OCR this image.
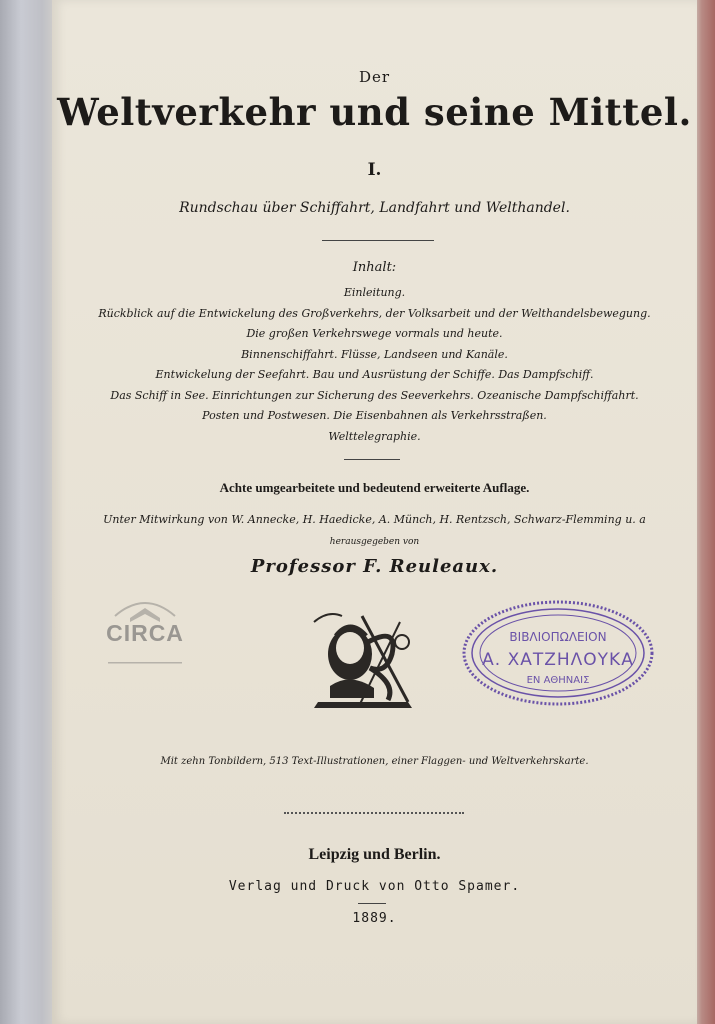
Der
Weltverkehr und seine Mittel.
I.
Rundschau über Schiffahrt, Landfahrt und Welthandel.
Inhalt:
Einleitung.
Rückblick auf die Entwickelung des Großverkehrs, der Volksarbeit und der Welthandelsbewegung.
Die großen Verkehrswege vormals und heute.
Binnenschiffahrt. Flüsse, Landseen und Kanäle.
Entwickelung der Seefahrt. Bau und Ausrüstung der Schiffe. Das Dampfschiff.
Das Schiff in See. Einrichtungen zur Sicherung des Seeverkehrs. Ozeanische Dampfschiffahrt.
Posten und Postwesen. Die Eisenbahnen als Verkehrsstraßen.
Welttelegraphie.
Achte umgearbeitete und bedeutend erweiterte Auflage.
Unter Mitwirkung von W. Annecke, H. Haedicke, A. Münch, H. Rentzsch, Schwarz-Flemming u. a
herausgegeben von
Professor F. Reuleaux.
CIRCA	ΒΙΒΛΙΟΠΩΛΕΙΟΝ
Α. ΧΑΤΖΗΛΟΥΚΑ
ΕΝ ΑΘΗΝΑΙΣ
Mit zehn Tonbildern, 513 Text-Illustrationen, einer Flaggen- und Weltverkehrskarte.
Leipzig und Berlin.
Verlag und Druck von Otto Spamer.
1889.
